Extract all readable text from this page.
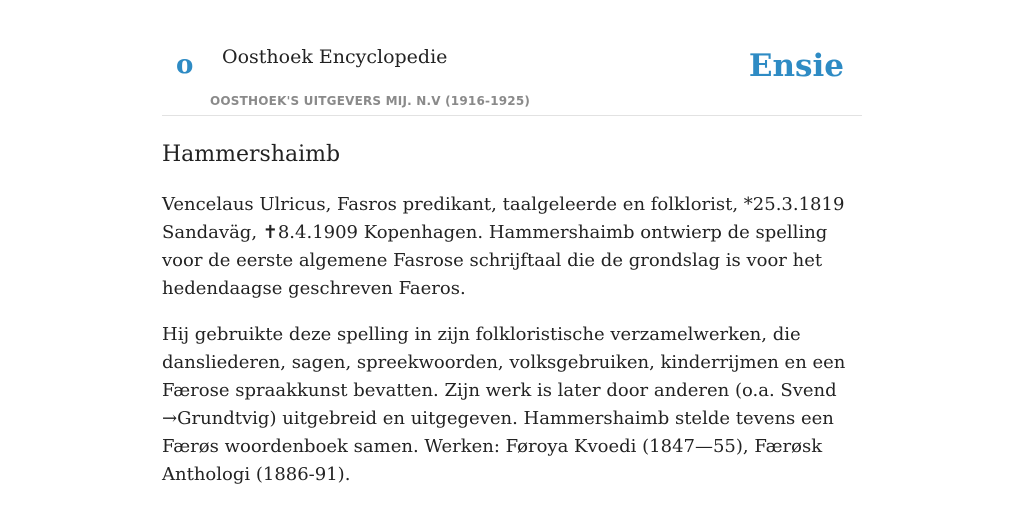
o Oosthoek Encyclopedie
OOSTHOEK'S UITGEVERS MIJ. N.V (1916-1925)
Ensie
Hammershaimb

Vencelaus Ulricus, Fasros predikant, taalgeleerde en folklorist, *25.3.1819 Sandaväg, ✝8.4.1909 Kopenhagen. Hammershaimb ontwierp de spelling voor de eerste algemene Fasrose schrijftaal die de grondslag is voor het hedendaagse geschreven Faeros.

Hij gebruikte deze spelling in zijn folkloristische verzamelwerken, die dansliederen, sagen, spreekwoorden, volksgebruiken, kinderrijmen en een Færose spraakkunst bevatten. Zijn werk is later door anderen (o.a. Svend →Grundtvig) uitgebreid en uitgegeven. Hammershaimb stelde tevens een Færøs woordenboek samen. Werken: Føroya Kvoedi (1847—55), Færøsk Anthologi (1886-91).
